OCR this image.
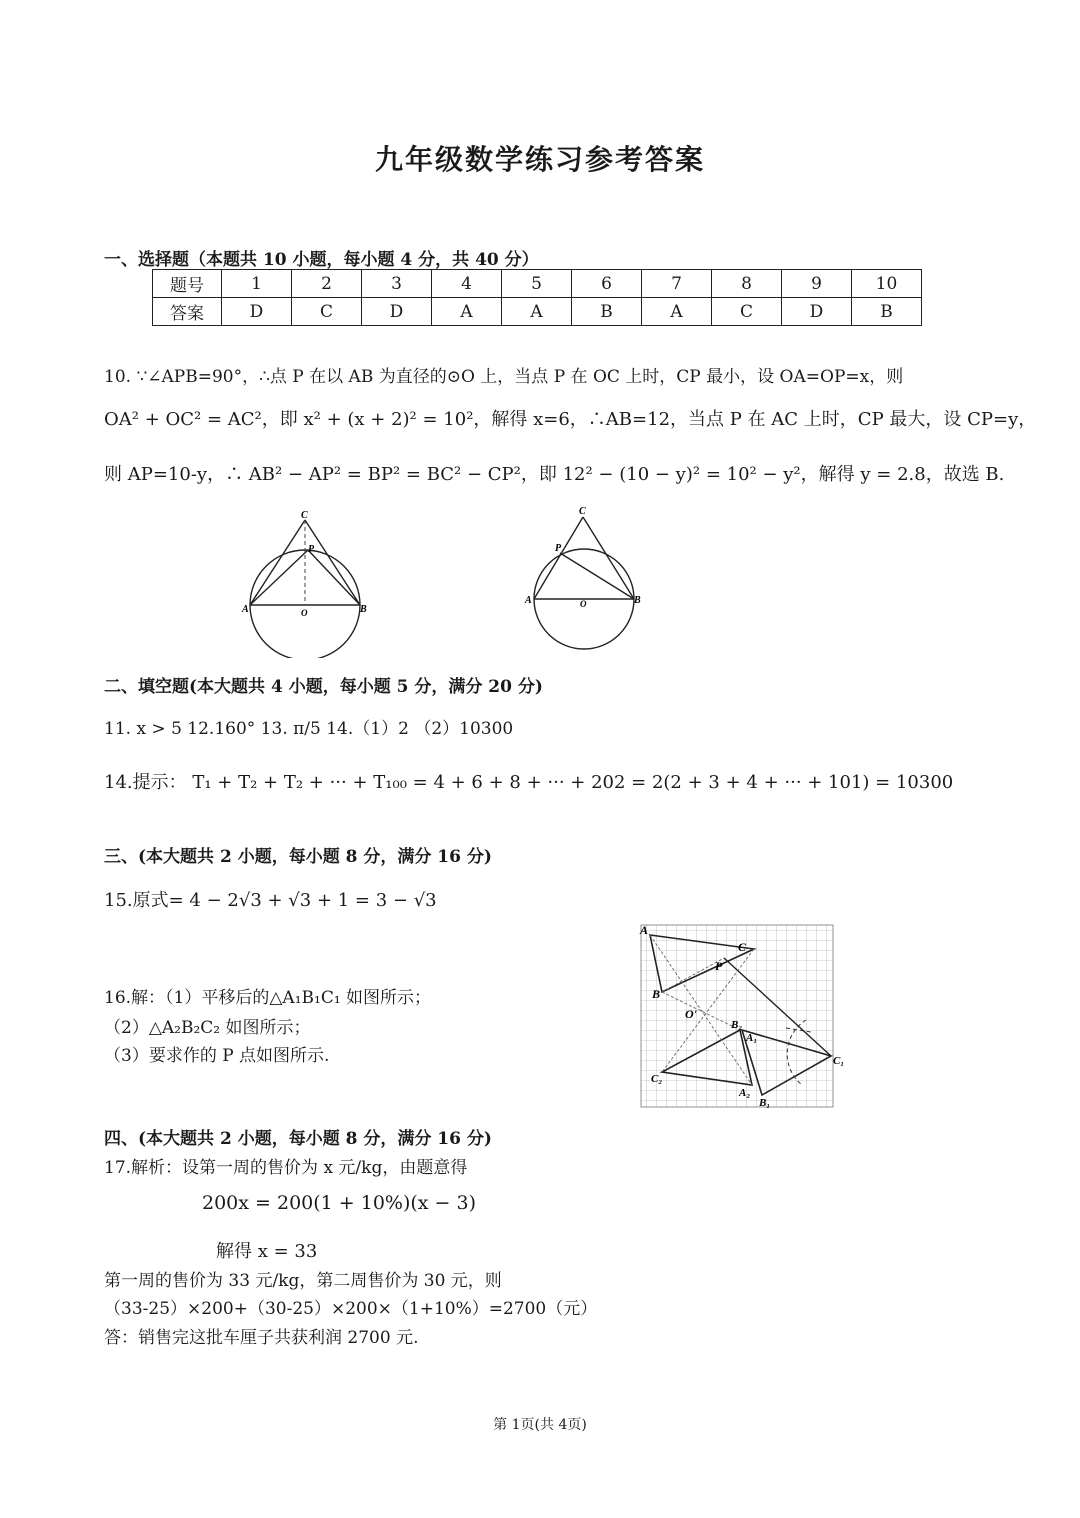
九年级数学练习参考答案
一、选择题（本题共 10 小题，每小题 4 分，共 40 分）
题号	1	2	3	4	5	6	7	8	9	10
答案	D	C	D	A	A	B	A	C	D	B
10. ∵∠APB=90°，∴点 P 在以 AB 为直径的⊙O 上，当点 P 在 OC 上时，CP 最小，设 OA=OP=x，则
OA² + OC² = AC²，即 x² + (x + 2)² = 10²，解得 x=6，∴AB=12，当点 P 在 AC 上时，CP 最大，设 CP=y，
则 AP=10-y，∴ AB² − AP² = BP² = BC² − CP²，即 12² − (10 − y)² = 10² − y²，解得 y = 2.8，故选 B.
C
P
A	B
O
C
P
A	B
O
二、填空题(本大题共 4 小题，每小题 5 分，满分 20 分)
11. x > 5 12.160° 13. π/5 14.（1）2 （2）10300
14.提示： T₁ + T₂ + T₂ + ··· + T₁₀₀ = 4 + 6 + 8 + ··· + 202 = 2(2 + 3 + 4 + ··· + 101) = 10300
三、(本大题共 2 小题，每小题 8 分，满分 16 分)
15.原式= 4 − 2√3 + √3 + 1 = 3 − √3
16.解：（1）平移后的△A₁B₁C₁ 如图所示；
（2）△A₂B₂C₂ 如图所示；
（3）要求作的 P 点如图所示.
A
C
P
B
O'
B₂
A₁
C₁
C₂
A₂
B₁
四、(本大题共 2 小题，每小题 8 分，满分 16 分)
17.解析：设第一周的售价为 x 元/kg，由题意得
200x = 200(1 + 10%)(x − 3)
解得 x = 33
第一周的售价为 33 元/kg，第二周售价为 30 元，则
（33-25）×200+（30-25）×200×（1+10%）=2700（元）
答：销售完这批车厘子共获利润 2700 元.
第 1页(共 4页)
